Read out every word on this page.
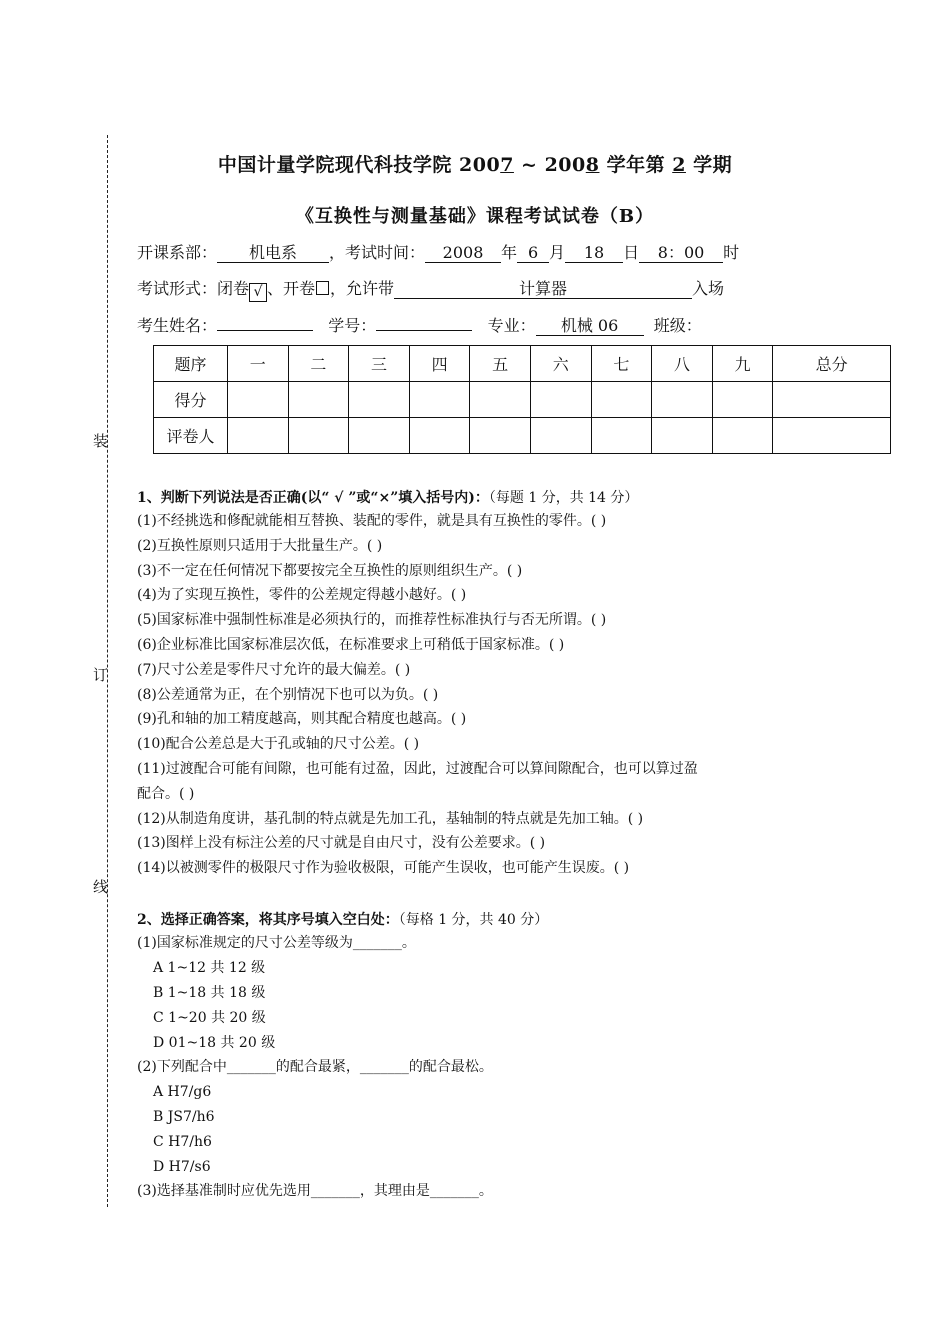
装
订
线
中国计量学院现代科技学院 2007 ~ 2008 学年第 2 学期
《互换性与测量基础》课程考试试卷（B）
开课系部： 机电系 ，考试时间： 2008 年 6 月 18 日 8：00 时
考试形式：闭卷 √ 、开卷 ，允许带	计算器	入场
考生姓名：	学号：	专业： 机械 06 班级：
题序	一	二	三	四	五	六	七	八	九	总分
得分										
评卷人										
1、判断下列说法是否正确(以“ √ ”或“×”填入括号内)：（每题 1 分，共 14 分）
(1)不经挑选和修配就能相互替换、装配的零件，就是具有互换性的零件。( )
(2)互换性原则只适用于大批量生产。( )
(3)不一定在任何情况下都要按完全互换性的原则组织生产。( )
(4)为了实现互换性，零件的公差规定得越小越好。( )
(5)国家标准中强制性标准是必须执行的，而推荐性标准执行与否无所谓。( )
(6)企业标准比国家标准层次低，在标准要求上可稍低于国家标准。( )
(7)尺寸公差是零件尺寸允许的最大偏差。( )
(8)公差通常为正，在个别情况下也可以为负。( )
(9)孔和轴的加工精度越高，则其配合精度也越高。( )
(10)配合公差总是大于孔或轴的尺寸公差。( )
(11)过渡配合可能有间隙，也可能有过盈，因此，过渡配合可以算间隙配合，也可以算过盈
配合。( )
(12)从制造角度讲，基孔制的特点就是先加工孔，基轴制的特点就是先加工轴。( )
(13)图样上没有标注公差的尺寸就是自由尺寸，没有公差要求。( )
(14)以被测零件的极限尺寸作为验收极限，可能产生误收，也可能产生误废。( )
2、选择正确答案，将其序号填入空白处：（每格 1 分，共 40 分）
(1)国家标准规定的尺寸公差等级为_______。
A 1~12 共 12 级
B 1~18 共 18 级
C 1~20 共 20 级
D 01~18 共 20 级
(2)下列配合中_______的配合最紧，_______的配合最松。
A H7/g6
B JS7/h6
C H7/h6
D H7/s6
(3)选择基准制时应优先选用_______，其理由是_______。
